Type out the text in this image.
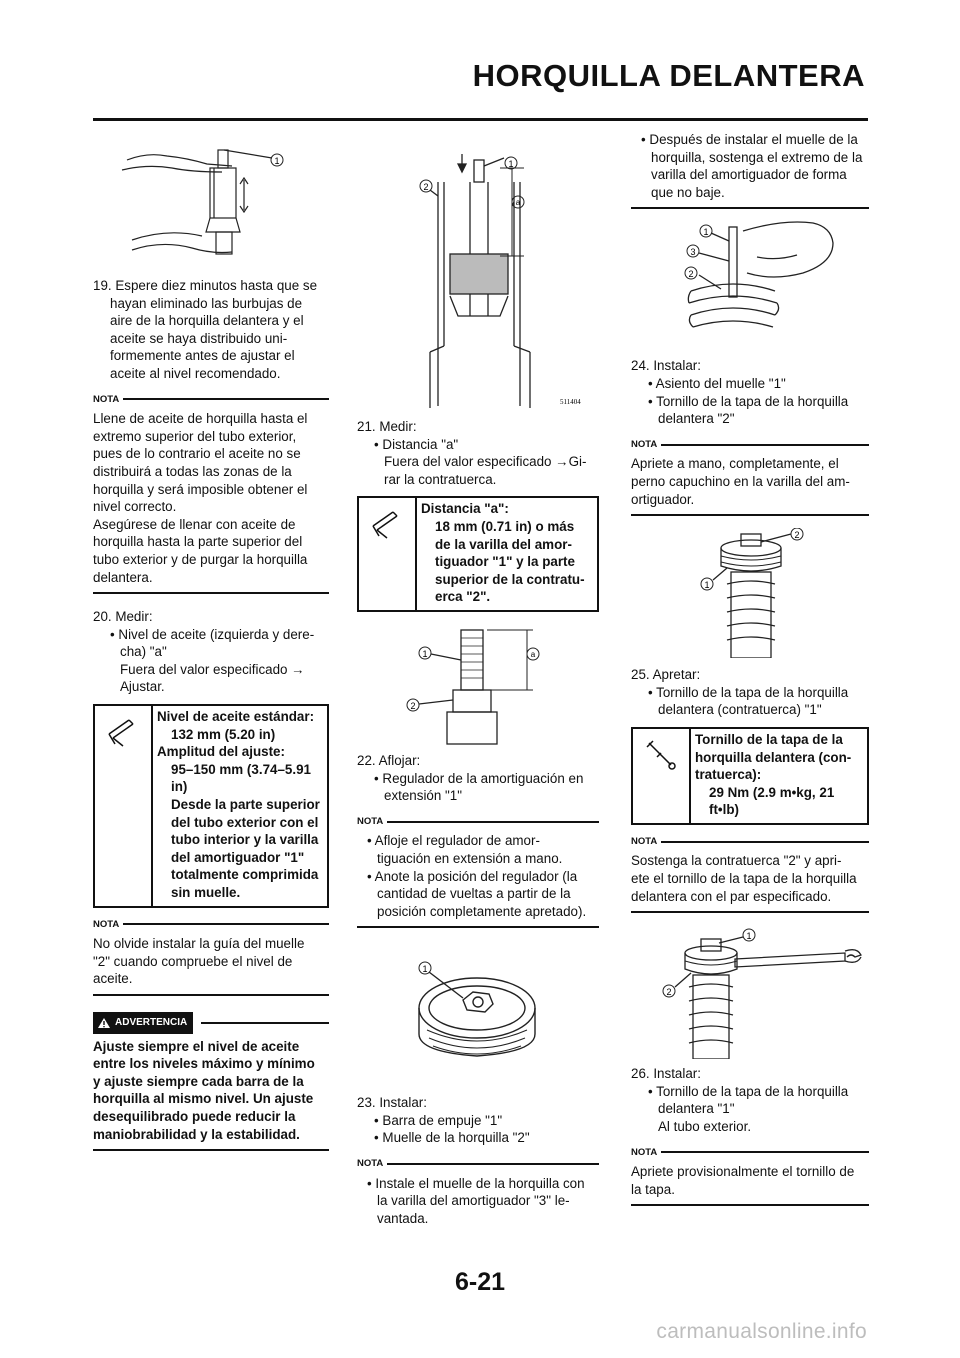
HORQUILLA DELANTERA
1
19. Espere diez minutos hasta que se
hayan eliminado las burbujas de
aire de la horquilla delantera y el
aceite se haya distribuido uni-
formemente antes de ajustar el
aceite al nivel recomendado.
NOTA
Llene de aceite de horquilla hasta el
extremo superior del tubo exterior,
pues de lo contrario el aceite no se
distribuirá a todas las zonas de la
horquilla y será imposible obtener el
nivel correcto.
Asegúrese de llenar con aceite de
horquilla hasta la parte superior del
tubo exterior y de purgar la horquilla
delantera.
20. Medir:
• Nivel de aceite (izquierda y dere-
cha) "a"
Fuera del valor especificado →
Ajustar.
Nivel de aceite estándar:
132 mm (5.20 in)
Amplitud del ajuste:
95–150 mm (3.74–5.91
in)
Desde la parte superior
del tubo exterior con el
tubo interior y la varilla
del amortiguador "1"
totalmente comprimida
sin muelle.
NOTA
No olvide instalar la guía del muelle
"2" cuando compruebe el nivel de
aceite.
ADVERTENCIA
Ajuste siempre el nivel de aceite
entre los niveles máximo y mínimo
y ajuste siempre cada barra de la
horquilla al mismo nivel. Un ajuste
desequilibrado puede reducir la
maniobrabilidad y la estabilidad.
1
2
a
511404
21. Medir:
• Distancia "a"
Fuera del valor especificado →Gi-
rar la contratuerca.
Distancia "a":
18 mm (0.71 in) o más
de la varilla del amor-
tiguador "1" y la parte
superior de la contratu-
erca "2".
1
2
a
22. Aflojar:
• Regulador de la amortiguación en
extensión "1"
NOTA
• Afloje el regulador de amor-
tiguación en extensión a mano.
• Anote la posición del regulador (la
cantidad de vueltas a partir de la
posición completamente apretado).
1
23. Instalar:
• Barra de empuje "1"
• Muelle de la horquilla "2"
NOTA
• Instale el muelle de la horquilla con
la varilla del amortiguador "3" le-
vantada.
• Después de instalar el muelle de la
horquilla, sostenga el extremo de la
varilla del amortiguador de forma
que no baje.
1
3
2
24. Instalar:
• Asiento del muelle "1"
• Tornillo de la tapa de la horquilla
delantera "2"
NOTA
Apriete a mano, completamente, el
perno capuchino en la varilla del am-
ortiguador.
2
1
25. Apretar:
• Tornillo de la tapa de la horquilla
delantera (contratuerca) "1"
Tornillo de la tapa de la
horquilla delantera (con-
tratuerca):
29 Nm (2.9 m•kg, 21
ft•lb)
NOTA
Sostenga la contratuerca "2" y apri-
ete el tornillo de la tapa de la horquilla
delantera con el par especificado.
1
2
26. Instalar:
• Tornillo de la tapa de la horquilla
delantera "1"
Al tubo exterior.
NOTA
Apriete provisionalmente el tornillo de
la tapa.
6-21
carmanualsonline.info
